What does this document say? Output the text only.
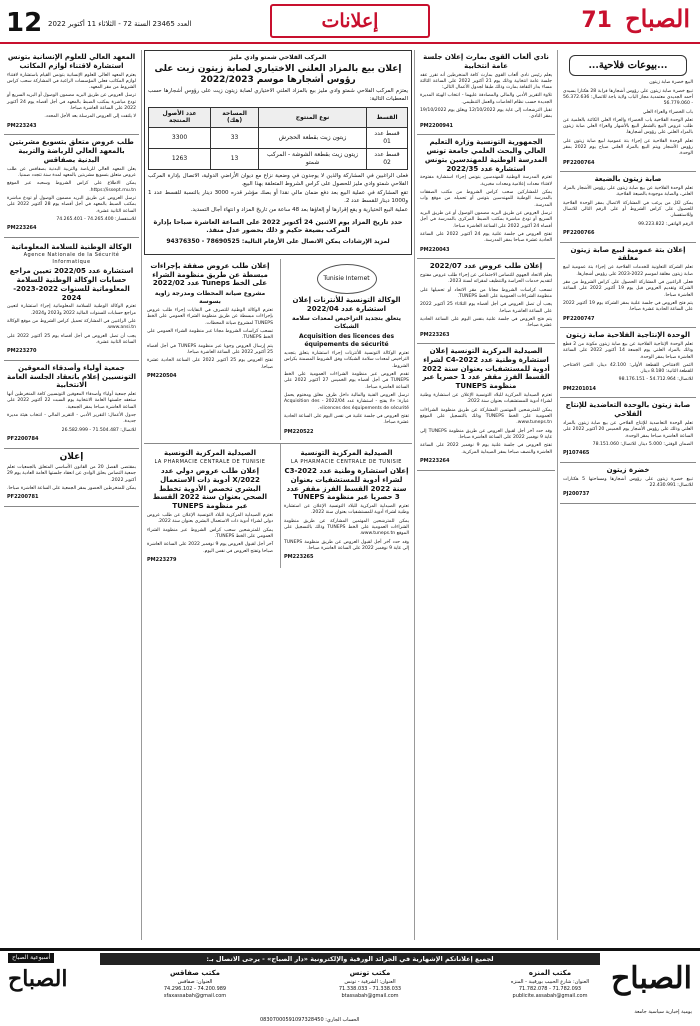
12 العدد 23465 السنة 72 - الثلاثاء 11 أكتوبر 2022	إعلانات	71 الصباح
...بيوعات فلاحية...

البيع خضرة صابة زيتون

تبيع خضرة صابة زيتون على رؤوس أشجارها قرابة 28 هكتارا بسيدي أحمد الجديدي معتمدية مجاز الباب ولاية باجة للاتصال: 56.372.636 - 56.779.060

باب الخضراء والعراء العلي

تعلم الوحدة الفلاحية باب الخضراء والعراء العلي الكائنة بالعلمية عن طلب عروض البيع بالشطر البيع بالأشهار والعراء العلي صابة زيتون بالمزاد العلني على رؤوس أشجارها.

تعلم الوحدة الفلاحية عن إجراء بتة عمومية لبيع صابة زيتون على رؤوس الأشجار ويتم البيع بالمزاد العلني صباح يوم 2022 بمقر الوحدة.

PF2200764
صابة زيتون بالضيعة

تعلم الوحدة الفلاحية عن بيع صابة زيتون على رؤوس الأشجار بالمزاد العلني، والصابة موجودة بالضيعة الفلاحية.

يمكن لكل من يرغب في المشاركة الاتصال بمقر الوحدة الفلاحية للحصول على كراس الشروط أو على الرقم التالي للاتصال وللاستفسار.

الرقم الهاتفي: 99.223.822

PF2200766
إعلان بتة عمومية لبيع صابة زيتون مغلقة

تعلم الشركة التعاونية للخدمات الفلاحية عن إجراء بتة عمومية لبيع صابة زيتون مغلقة لموسم 2022-2023 على رؤوس أشجارها.

فعلى الراغبين في المشاركة الحصول على كراس الشروط من مقر الشركة وتقديم العروض قبل يوم 19 أكتوبر 2022 على الساعة العاشرة صباحا.

يتم فتح العروض في جلسة علنية بمقر الشركة يوم 19 أكتوبر 2022 على الساعة الحادية عشرة صباحا.

PF2200747
الوحدة الإنتاجية الفلاحية صابة زيتون

تعلم الوحدة الإنتاجية الفلاحية عن بيع صابة زيتون مكونة من 2 قطع وذلك بالمزاد العلني يوم الجمعة 14 أكتوبر 2022 على الساعة العاشرة صباحا بمقر الوحدة.

الثمن الافتتاحي للقطعة الأولى: 42.100 دينار، الثمن الافتتاحي للقطعة الثانية: 8.180 دينار.

للاتصال: 54.712.964 - 98.176.151

PM2201014
صابة زيتون بالوحدة التعاضدية للإنتاج الفلاحي

تعلم الوحدة التعاضدية للإنتاج الفلاحي عن بيع صابة زيتون بالمزاد العلني وذلك على رؤوس الأشجار يوم الخميس 20 أكتوبر 2022 على الساعة العاشرة صباحا بمقر الوحدة.

الضمان الوقتي: 5.000 دينار. للاتصال: 78.151.060

PJ107465
خضرة زيتون

تبيع خضرة زيتون على رؤوس أشجارها ومساحتها 5 هكتارات للاتصال: 22.430.991

PJ200737
نادي ألعاب القوى بمارث إعلان جلسة عامة انتخابية

يعلم رئيس نادي ألعاب القوى بمارث كافة المنخرطين أنه تقرر عقد جلسة عامة انتخابية وذلك يوم 21 أكتوبر 2022 على الساعة الثالثة مساء بدار الثقافة بمارث وذلك طبقا لجدول الأعمال التالي:

تلاوة التقرير الأدبي والمالي والمصادقة عليهما - انتخاب الهيئة المديرة الجديدة حسب نظام الخاصات والعمل التنظيمي.

تقبل الترشحات إلى غاية يوم 12/10/2022 ويغلق يوم 19/10/2022 بمقر النادي.

PM2200941
الجمهورية التونسية وزارة التعليم العالي والبحث العلمي جامعة تونس المدرسة الوطنية للمهندسين بتونس استشارة عدد 2022/35

تعتزم المدرسة الوطنية للمهندسين بتونس إجراء استشارة مفتوحة لاقتناء معدات إعلامية ومعدات مخبرية.

يمكن للمشاركين سحب كراس الشروط من مكتب الصفقات بالمدرسة الوطنية للمهندسين بتونس أو تحميله من موقع واب المدرسة.

ترسل العروض عن طريق البريد مضمون الوصول أو عن طريق البريد السريع أو تودع مباشرة بمكتب الضبط المركزي بالمدرسة في أجل أقصاه 24 أكتوبر 2022 على الساعة العاشرة صباحا.

تفتح العروض في جلسة علنية يوم 24 أكتوبر 2022 على الساعة الحادية عشرة صباحا بمقر المدرسة.

PM220043
إعلان طلب عروض عدد 2022/07

يعلم الاتحاد الجهوي للتضامن الاجتماعي عن إجراء طلب عروض مفتوح لتقديم خدمات الحراسة والتنظيف لمقراته لسنة 2023.

تسحب كراسات الشروط مجانا من مقر الاتحاد أو تحميلها على منظومة الشراءات العمومية على الخط TUNEPS.

يجب أن تصل العروض في أجل أقصاه يوم الثلاثاء 25 أكتوبر 2022 على الساعة العاشرة صباحا.

يتم فتح العروض في جلسة علنية بنفس اليوم على الساعة الحادية عشرة صباحا.

PM223263
الصيدلية المركزية التونسية إعلان استشارة وطنية عدد 2022-C4 لشراء أدوية للمستشفيات بعنوان سنة 2022 القسط الفرز مقفر عدد 1 حصريا عبر منظومة TUNEPS

تعتزم الصيدلية المركزية للبلاد التونسية الإعلان عن استشارة وطنية لشراء أدوية للمستشفيات بعنوان سنة 2022.

يمكن للمترشحين المهتمين المشاركة عن طريق منظومة الشراءات العمومية على الخط TUNEPS وذلك بالتسجيل على الموقع www.tuneps.tn.

وقد حدد آخر أجل لقبول العروض عن طريق منظومة TUNEPS إلى غاية 9 نوفمبر 2022 على الساعة العاشرة صباحا.

تفتح العروض في جلسة علنية يوم 9 نوفمبر 2022 على الساعة العاشرة والنصف صباحا بمقر الصيدلية المركزية.

PM223264
المركب الفلاحي شمتو وادي مليز
إعلان بيع بالمزاد العلني الاختياري لصابة زيتون زيت على رؤوس أشجارها موسم 2022/2023
يعتزم المركب الفلاحي شمتو وادي مليز بيع بالمزاد العلني الاختياري لصابة زيتون زيت على رؤوس أشجارها حسب المعطيات التالية:
القسط	نوع المنتوج	المساحة (هك)	عدد الأصول المنتجة
قسط عدد 01	زيتون زيت بقطعة الحجرش	33	3300
قسط عدد 02	زيتون زيت بقطعة الشوشة - المركب شمتو	13	1263

فعلى الراغبين في المشاركة والذين لا يوجدون في وضعية نزاع مع ديوان الأراضي الدولية، الاتصال بإدارة المركب الفلاحي شمتو وادي مليز للحصول على كراس الشروط المتعلقة بهذا البيع.

تقع المشاركة في عملية البيع بعد دفع ضمان مالي نقدا أو بصك مؤشر قدره 3000 دينار بالنسبة للقسط عدد 1 و1000 دينار للقسط عدد 2.

عملية البيع الختيارية و يقع إقرارها أو إلغاؤها بعد 48 ساعة من تاريخ المزاد و انتهاء آجال التسديد.

حدد تاريخ المزاد يوم الاثنين 24 أكتوبر 2022 على الساعة العاشرة صباحا بإدارة المركب بضيعة حكيم و ذلك بحضور عدل منفذ.
لمزيد الإرشادات يمكن الاتصال على الأرقام التالية: 78690525 - 94376350
Tunisie Internet
الوكالة التونسية للأنترنات إعلان استشارة عدد 2022/04
يتعلق بتجديد التراخيص لمعدات سلامة الشبكات
Acquisition des licences des équipements de sécurité

تعتزم الوكالة التونسية للأنترنات إجراء استشارة يتعلق بتجديد التراخيص لمعدات سلامة الشبكات وفق الشروط المضمنة بكراس الشروط.

تقدم العروض عبر منظومة الشراءات العمومية على الخط TUNEPS في أجل أقصاه يوم الخميس 27 أكتوبر 2022 على الساعة العاشرة صباحا.

ترسل العروض الفنية والمالية داخل ظرف مغلق ومختوم يحمل عبارة: «لا يفتح - استشارة عدد 2022/04 - Acquisition des licences des équipements de sécurité».

تفتح العروض في جلسة علنية في نفس اليوم على الساعة الحادية عشرة صباحا.

PM220522
إعلان طلب عروض صفقة بإجراءات مبسطة عن طريق منظومة الشراء على الخط Tuneps عدد 2022/02
مشروع صيانة المحطات ومدرجة زاوية بسوسة

تعتزم الوكالة الوطنية للتصرف في النفايات إجراء طلب عروض بإجراءات مبسطة عن طريق منظومة الشراء العمومي على الخط TUNEPS لمشروع صيانة المحطات.

تسحب كراسات الشروط مجانا عبر منظومة الشراء العمومي على الخط TUNEPS.

يتم إرسال العروض وجوبا عبر منظومة TUNEPS في أجل أقصاه 25 أكتوبر 2022 على الساعة العاشرة صباحا.

تفتح العروض يوم 25 أكتوبر 2022 على الساعة الحادية عشرة صباحا.

PM220504
الصيدلية المركزية التونسية
LA PHARMACIE CENTRALE DE TUNISIE
إعلان استشارة وطنية عدد 2022-C3 لشراء أدوية للمستشفيات بعنوان سنة 2022 القسط الفرز مقفر عدد 3 حصريا عبر منظومة TUNEPS

تعتزم الصيدلية المركزية للبلاد التونسية الإعلان عن استشارة وطنية لشراء أدوية للمستشفيات بعنوان سنة 2022.

يمكن للمترشحين المهتمين المشاركة عن طريق منظومة الشراءات العمومية على الخط TUNEPS وذلك بالتسجيل على الموقع www.tuneps.tn.

وقد حدد آخر أجل لقبول العروض عن طريق منظومة TUNEPS إلى غاية 9 نوفمبر 2022 على الساعة العاشرة صباحا.

PM223265
الصيدلية المركزية التونسية
LA PHARMACIE CENTRALE DE TUNISIE
إعلان طلب عروض دولي عدد 2022/X أدوية ذات الاستعمال البشري تخصص الأدوية تخطط الصحي بعنوان سنة 2022 القسط عبر منظومة TUNEPS

تعتزم الصيدلية المركزية للبلاد التونسية الإعلان عن طلب عروض دولي لشراء أدوية ذات الاستعمال البشري بعنوان سنة 2022.

يمكن للمترشحين سحب كراس الشروط عبر منظومة الشراء العمومي على الخط TUNEPS.

آخر أجل لقبول العروض يوم 9 نوفمبر 2022 على الساعة العاشرة صباحا وتفتح العروض في نفس اليوم.

PM223279
المعهد العالي للعلوم الإنسانية بتونس استشارة لاقتناء لوازم المكاتب

يعتزم المعهد العالي للعلوم الإنسانية بتونس القيام باستشارة لاقتناء لوازم المكاتب فعلى المؤسسات الراغبة في المشاركة سحب كراس الشروط من مقر المعهد.

ترسل العروض عن طريق البريد مضمون الوصول أو البريد السريع أو تودع مباشرة بمكتب الضبط بالمعهد في أجل أقصاه يوم 24 أكتوبر 2022 على الساعة العاشرة صباحا.

لا يلتفت إلى العروض المرسلة بعد الأجل المحدد.

PM223243
طلب عروض متعلق بتسويغ مشربتين بالمعهد العالي للرياضة والتربية البدنية بصفاقس

يعلن المعهد العالي للرياضة والتربية البدنية بصفاقس عن طلب عروض متعلق بتسويغ مشربتين بالمعهد لمدة سنة تتجدد ضمنيا.

يمكن الاطلاع على كراس الشروط وسحبه عبر الموقع https://issept.rnu.tn.

ترسل العروض عن طريق البريد مضمون الوصول أو تودع مباشرة بمكتب الضبط بالمعهد في أجل أقصاه يوم 28 أكتوبر 2022 على الساعة الثانية عشرة.

للاستفسار: 74.265.400 - 74.265.401

PM223264
الوكالة الوطنية للسلامة المعلوماتية
Agence Nationale de la Sécurité Informatique
استشارة عدد 2022/05 تعيين مراجع حسابات الوكالة الوطنية للسلامة المعلوماتية للسنوات 2022-2023-2024

تعتزم الوكالة الوطنية للسلامة المعلوماتية إجراء استشارة لتعيين مراجع حسابات للسنوات المالية 2022 و2023 و2024.

على الراغبين في المشاركة تحميل كراس الشروط من موقع الوكالة www.ansi.tn.

يجب أن تصل العروض في أجل أقصاه يوم 25 أكتوبر 2022 على الساعة الثانية عشرة.

PM223270
جمعية أولياء وأصدقاء المعوقين التونسيين إعلام بانعقاد الجلسة العامة الانتخابية

تعلم جمعية أولياء وأصدقاء المعوقين التونسيين كافة المنخرطين أنها ستعقد جلستها العامة الانتخابية يوم السبت 22 أكتوبر 2022 على الساعة العاشرة صباحا بمقر الجمعية.

جدول الأعمال: التقرير الأدبي - التقرير المالي - انتخاب هيئة مديرة جديدة.

للاتصال: 71.504.487 - 26.582.999

PF2200784
إعلان

بمقتضى الفصل 20 من القانون الأساسي المتعلق بالجمعيات تعلم جمعية التضامن بحلق الوادي عن انعقاد جلستها العامة العادية يوم 29 أكتوبر 2022.

يمكن للمنخرطين الحضور بمقر الجمعية على الساعة العاشرة صباحا.

PF2200781
أسبوعية الصباح
الصباح
لجميع إعلاناتكم الإشهارية في الجرائد الورقية والإلكترونية «دار الصباح» - يرجى الاتصال بـ:
مكتب المنزه
العنوان: شارع الحبيب بورقيبة - المنزه
71.782.093 - 71.782.078
publicite.assabah@gmail.com
مكتب تونس
العنوان: الشرقية - تونس
71.338.033 - 71.338.033
btassabah@gmail.com
مكتب صفاقس
العنوان: صفاقس
74.200.989 - 74.296.102
sfaxassabah@gmail.com	الصباح
يومية إخبارية سياسية جامعة
الحساب الجاري: 08307000591097328450
